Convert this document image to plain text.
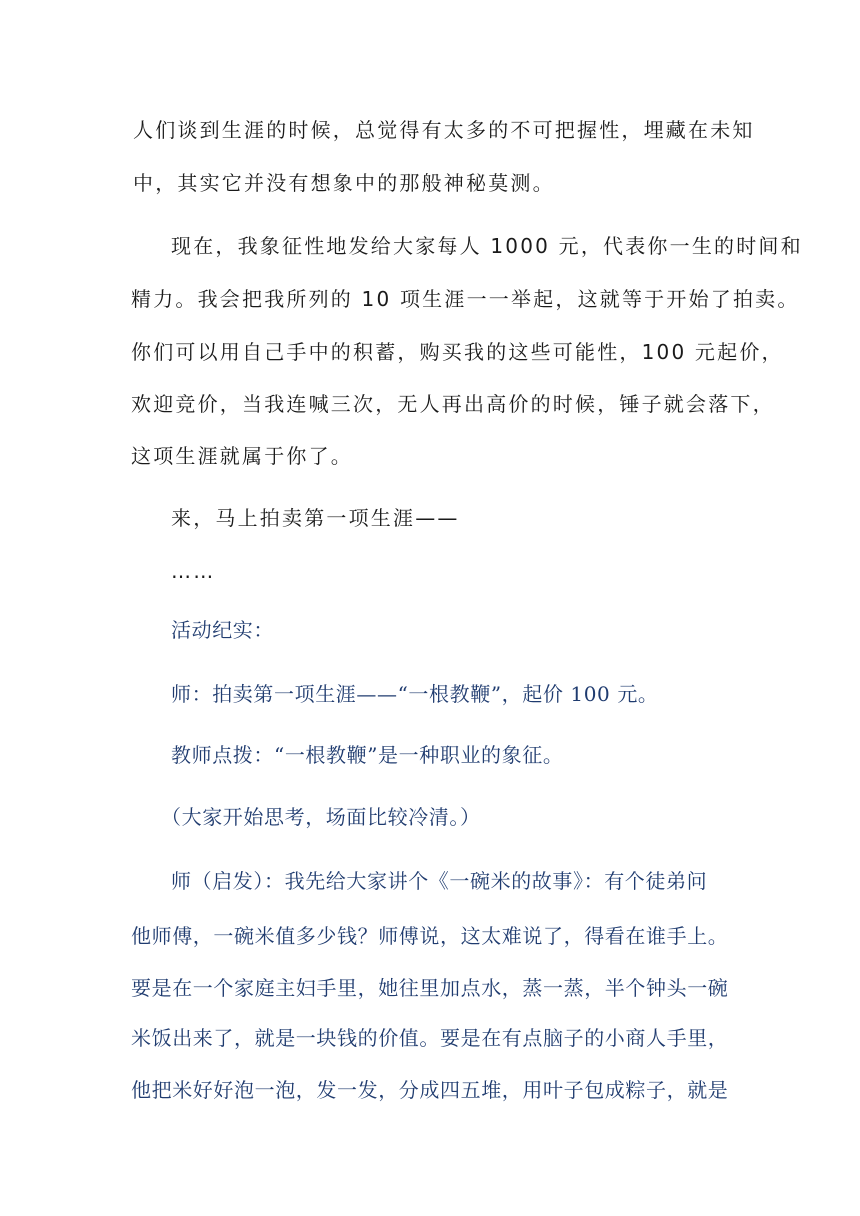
人们谈到生涯的时候，总觉得有太多的不可把握性，埋藏在未知
中，其实它并没有想象中的那般神秘莫测。
现在，我象征性地发给大家每人 1000 元，代表你一生的时间和
精力。我会把我所列的 10 项生涯一一举起，这就等于开始了拍卖。
你们可以用自己手中的积蓄，购买我的这些可能性，100 元起价，
欢迎竞价，当我连喊三次，无人再出高价的时候，锤子就会落下，
这项生涯就属于你了。
来，马上拍卖第一项生涯——
……
活动纪实：
师：拍卖第一项生涯——“一根教鞭”，起价 100 元。
教师点拨：“一根教鞭”是一种职业的象征。
（大家开始思考，场面比较冷清。）
师（启发）：我先给大家讲个《一碗米的故事》：有个徒弟问
他师傅，一碗米值多少钱？师傅说，这太难说了，得看在谁手上。
要是在一个家庭主妇手里，她往里加点水，蒸一蒸，半个钟头一碗
米饭出来了，就是一块钱的价值。要是在有点脑子的小商人手里，
他把米好好泡一泡，发一发，分成四五堆，用叶子包成粽子，就是
